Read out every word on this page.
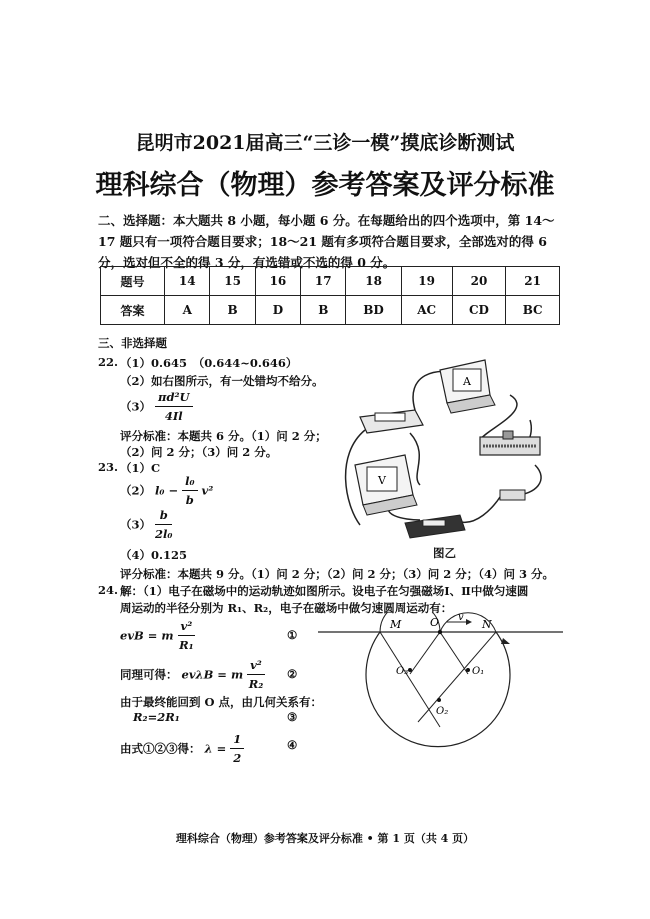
昆明市2021届高三“三诊一模”摸底诊断测试
理科综合（物理）参考答案及评分标准
二、选择题：本大题共 8 小题，每小题 6 分。在每题给出的四个选项中，第 14～17 题只有一项符合题目要求；18～21 题有多项符合题目要求，全部选对的得 6 分，选对但不全的得 3 分，有选错或不选的得 0 分。
题号	14	15	16	17	18	19	20	21
答案	A	B	D	B	BD	AC	CD	BC
三、非选择题
22. （1）0.645　（0.644~0.646）
（2）如右图所示，有一处错均不给分。
$(3) \frac{\text{πd²U}}{4Il}$
评分标准：本题共 6 分。（1）问 2 分；
（2）问 2 分；（3）问 2 分。
23. （1）C
（2） $l_0 - \frac{\text{l₀}}{b} v^2$
$(3) \frac{b}{\text{2l₀}}$
（4）0.125
评分标准：本题共 9 分。（1）问 2 分；（2）问 2 分；（3）问 2 分；（4）问 3 分。
A
V
图乙
24. 解：（1）电子在磁场中的运动轨迹如图所示。设电子在匀强磁场Ⅰ、Ⅱ中做匀速圆
周运动的半径分别为 R₁、R₂，电子在磁场中做匀速圆周运动有：
evB = m $\frac{\text{v²}}{\text{R₁}}$	①
同理可得： evλB = m $\frac{\text{v²}}{\text{R₂}}$ ②
由于最终能回到 O 点，由几何关系有：
R₂=2R₁	③
由式①②③得： $\lambda = \frac{1}{2}$	④
M	O v
N
O₃	O₁
O₂
理科综合（物理）参考答案及评分标准 • 第 1 页（共 4 页）
